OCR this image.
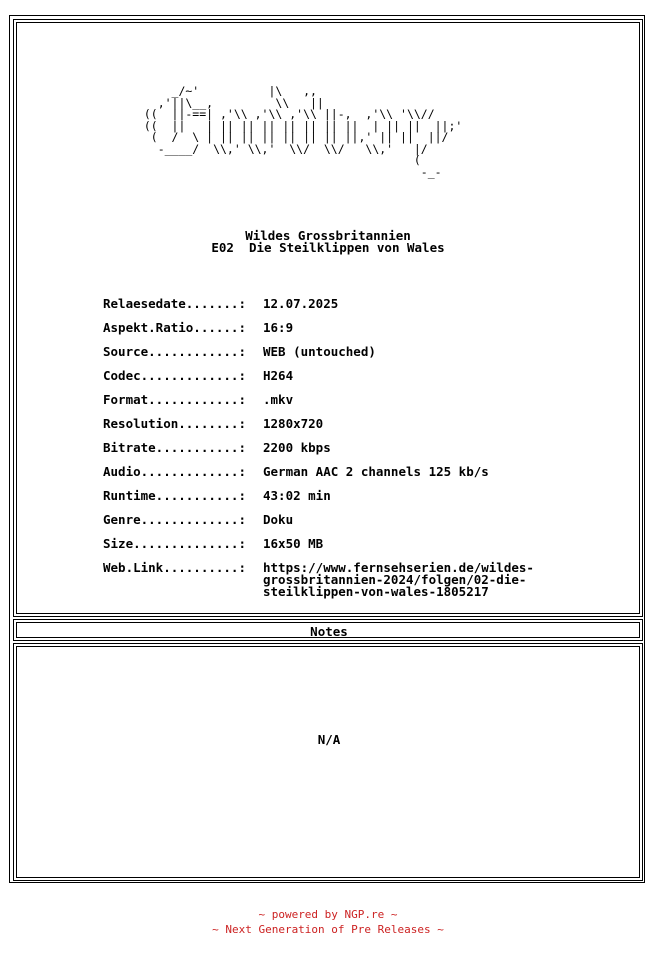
_/~'          |\   ,,
,'||\__,         \\   ||
((  ||-==| ,'\\ ,'\\ ,'\\ ||-,  ,'\\ '\\//
((  ||   | || || || || || || ||  | || ||  ||;'
(  /  \ | || || || || || || ||,' || ||  ||/
-____/  \\,' \\,'  \\/  \\/   \\,'   |/
(
-_-
Wildes Grossbritannien
E02  Die Steilklippen von Wales
Relaesedate.......:	12.07.2025
Aspekt.Ratio......:	16:9
Source............:	WEB (untouched)
Codec.............:	H264
Format............:	.mkv
Resolution........:	1280x720
Bitrate...........:	2200 kbps
Audio.............:	German AAC 2 channels 125 kb/s
Runtime...........:	43:02 min
Genre.............:	Doku
Size..............:	16x50 MB
Web.Link..........:	https://www.fernsehserien.de/wildes-
grossbritannien-2024/folgen/02-die-
steilklippen-von-wales-1805217
Notes
N/A
~ powered by NGP.re ~
~ Next Generation of Pre Releases ~
